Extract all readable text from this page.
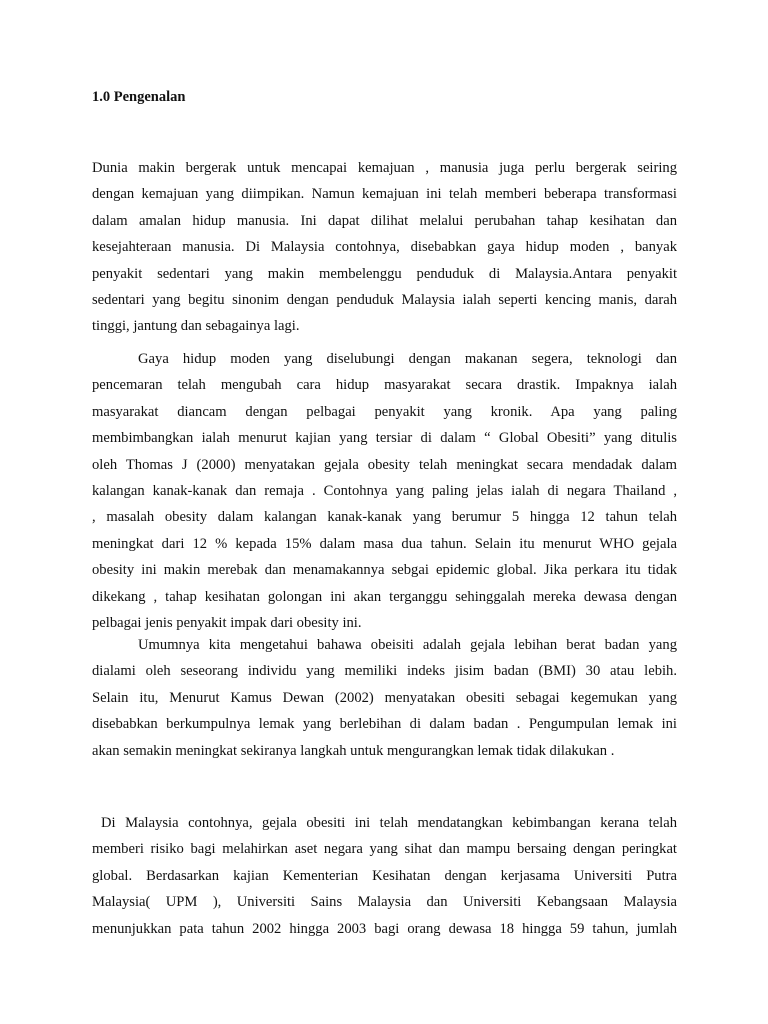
1.0 Pengenalan
Dunia makin bergerak untuk mencapai kemajuan , manusia juga perlu bergerak seiring
dengan kemajuan yang diimpikan. Namun kemajuan ini telah memberi beberapa transformasi
dalam amalan hidup manusia. Ini dapat dilihat melalui perubahan tahap kesihatan dan
kesejahteraan manusia. Di Malaysia contohnya, disebabkan gaya hidup moden , banyak
penyakit sedentari yang makin membelenggu penduduk di Malaysia.Antara penyakit
sedentari yang begitu sinonim dengan penduduk Malaysia ialah seperti kencing manis, darah
tinggi, jantung dan sebagainya lagi.
Gaya hidup moden yang diselubungi dengan makanan segera, teknologi dan
pencemaran telah mengubah cara hidup masyarakat secara drastik. Impaknya ialah
masyarakat diancam dengan pelbagai penyakit yang kronik. Apa yang paling
membimbangkan ialah menurut kajian yang tersiar di dalam “ Global Obesiti” yang ditulis
oleh Thomas J (2000) menyatakan gejala obesity telah meningkat secara mendadak dalam
kalangan kanak-kanak dan remaja . Contohnya yang paling jelas ialah di negara Thailand ,
, masalah obesity dalam kalangan kanak-kanak yang berumur 5 hingga 12 tahun telah
meningkat dari 12 % kepada 15% dalam masa dua tahun. Selain itu menurut WHO gejala
obesity ini makin merebak dan menamakannya sebgai epidemic global. Jika perkara itu tidak
dikekang , tahap kesihatan golongan ini akan terganggu sehinggalah mereka dewasa dengan
pelbagai jenis penyakit impak dari obesity ini.
Umumnya kita mengetahui bahawa obeisiti adalah gejala lebihan berat badan yang
dialami oleh seseorang individu yang memiliki indeks jisim badan (BMI) 30 atau lebih.
Selain itu, Menurut Kamus Dewan (2002) menyatakan obesiti sebagai kegemukan yang
disebabkan berkumpulnya lemak yang berlebihan di dalam badan . Pengumpulan lemak ini
akan semakin meningkat sekiranya langkah untuk mengurangkan lemak tidak dilakukan .
Di Malaysia contohnya, gejala obesiti ini telah mendatangkan kebimbangan kerana telah
memberi risiko bagi melahirkan aset negara yang sihat dan mampu bersaing dengan peringkat
global. Berdasarkan kajian Kementerian Kesihatan dengan kerjasama Universiti Putra
Malaysia( UPM ), Universiti Sains Malaysia dan Universiti Kebangsaan Malaysia
menunjukkan pata tahun 2002 hingga 2003 bagi orang dewasa 18 hingga 59 tahun, jumlah
